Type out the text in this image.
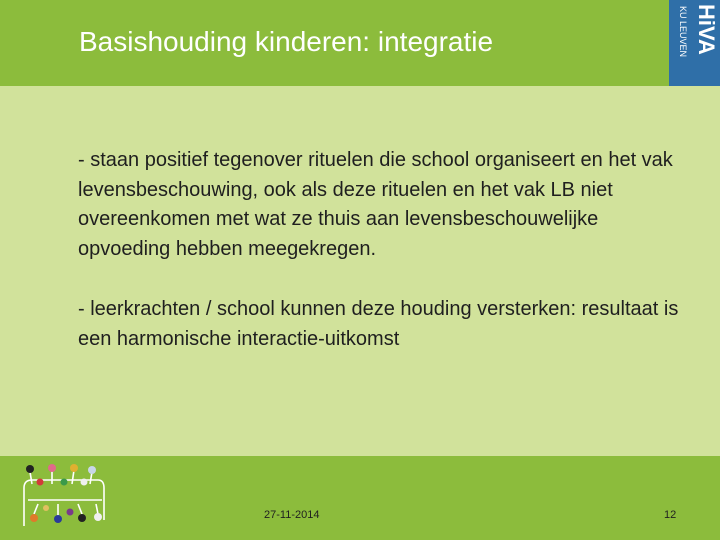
Basishouding kinderen: integratie	HiVA
KU LEUVEN

- staan positief tegenover rituelen die school organiseert en het vak levensbeschouwing, ook als deze rituelen en het vak LB niet overeenkomen met wat ze thuis aan levensbeschouwelijke opvoeding hebben meegekregen.

- leerkrachten / school kunnen deze houding versterken: resultaat is een harmonische interactie-uitkomst

27-11-2014	12
